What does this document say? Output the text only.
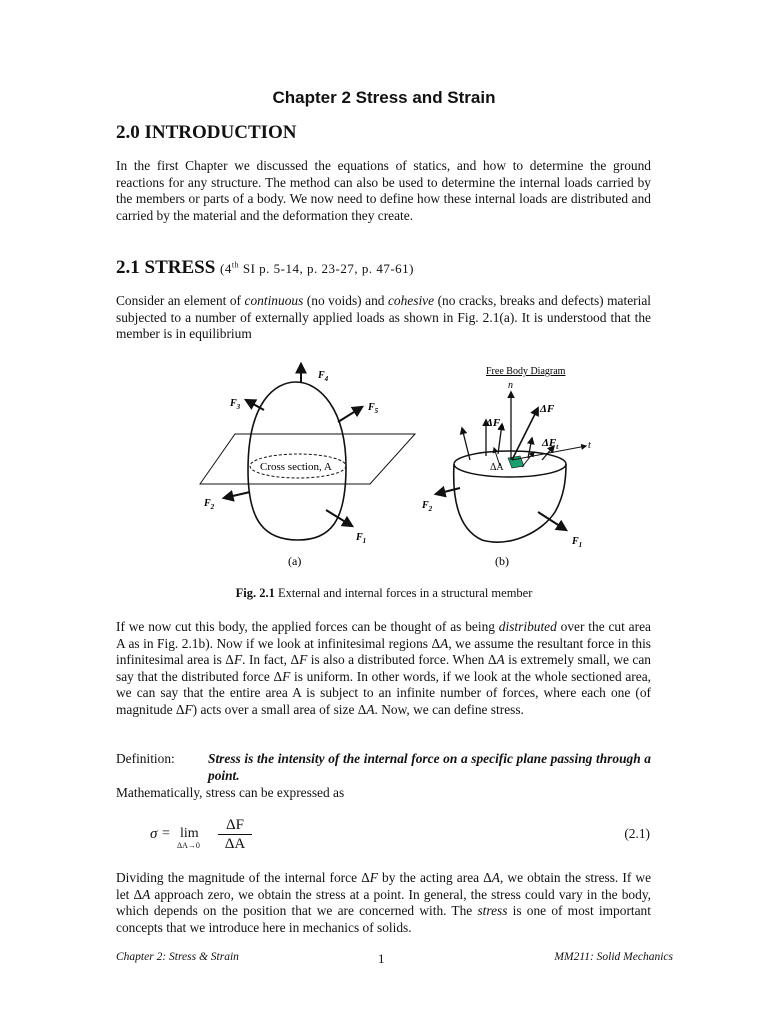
Chapter 2 Stress and Strain
2.0 INTRODUCTION
In the first Chapter we discussed the equations of statics, and how to determine the ground reactions for any structure. The method can also be used to determine the internal loads carried by the members or parts of a body. We now need to define how these internal loads are distributed and carried by the material and the deformation they create.
2.1 STRESS (4th SI p. 5-14, p. 23-27, p. 47-61)
Consider an element of continuous (no voids) and cohesive (no cracks, breaks and defects) material subjected to a number of externally applied loads as shown in Fig. 2.1(a). It is understood that the member is in equilibrium
$F_4$
$F_3$	$F_5$
$F_2$
$F_1$
Cross section, A
(a)
Free Body Diagram
n
t
ΔF
$\Delta F_n$
$\Delta F_t$
ΔA
$F_2$
$F_1$
(b)
Fig. 2.1 External and internal forces in a structural member
If we now cut this body, the applied forces can be thought of as being distributed over the cut area A as in Fig. 2.1b). Now if we look at infinitesimal regions ΔA, we assume the resultant force in this infinitesimal area is ΔF. In fact, ΔF is also a distributed force. When ΔA is extremely small, we can say that the distributed force ΔF is uniform. In other words, if we look at the whole sectioned area, we can say that the entire area A is subject to an infinite number of forces, where each one (of magnitude ΔF) acts over a small area of size ΔA. Now, we can define stress.
Definition: Stress is the intensity of the internal force on a specific plane passing through a point.
Mathematically, stress can be expressed as
σ = lim
$\Delta A\to 0 \frac{\Delta F}{\Delta A}$	(2.1)
Dividing the magnitude of the internal force ΔF by the acting area ΔA, we obtain the stress. If we let ΔA approach zero, we obtain the stress at a point. In general, the stress could vary in the body, which depends on the position that we are concerned with. The stress is one of most important concepts that we introduce here in mechanics of solids.
Chapter 2: Stress & Strain	1	MM211: Solid Mechanics
